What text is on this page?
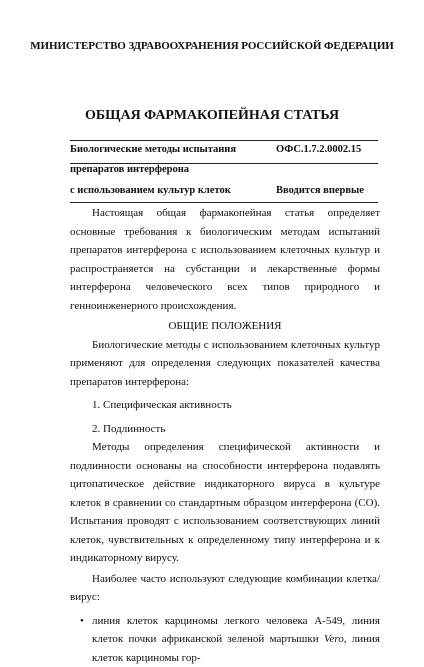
МИНИСТЕРСТВО ЗДРАВООХРАНЕНИЯ РОССИЙСКОЙ ФЕДЕРАЦИИ
ОБЩАЯ ФАРМАКОПЕЙНАЯ СТАТЬЯ
Биологические методы испытания	ОФС.1.7.2.0002.15
препаратов интерферона
с использованием культур клеток	Вводится впервые

Настоящая общая фармакопейная статья определяет основные требования к биологическим методам испытаний препаратов интерферона с использованием клеточных культур и распространяется на субстанции и лекарственные формы интерферона человеческого всех типов природного и генноинженерного происхождения.

ОБЩИЕ ПОЛОЖЕНИЯ

Биологические методы с использованием клеточных культур применяют для определения следующих показателей качества препаратов интерферона:

1. Специфическая активность

2. Подлинность

Методы определения специфической активности и подлинности основаны на способности интерферона подавлять цитопатическое действие индикаторного вируса в культуре клеток в сравнении со стандартным образцом интерферона (СО). Испытания проводят с использованием соответствующих линий клеток, чувствительных к определенному типу интерферона и к индикаторному вирусу.

Наиболее часто используют следующие комбинации клетка/вирус:

• линия клеток карциномы легкого человека А-549, линия клеток почки африканской зеленой мартышки Vero, линия клеток карциномы гор-
